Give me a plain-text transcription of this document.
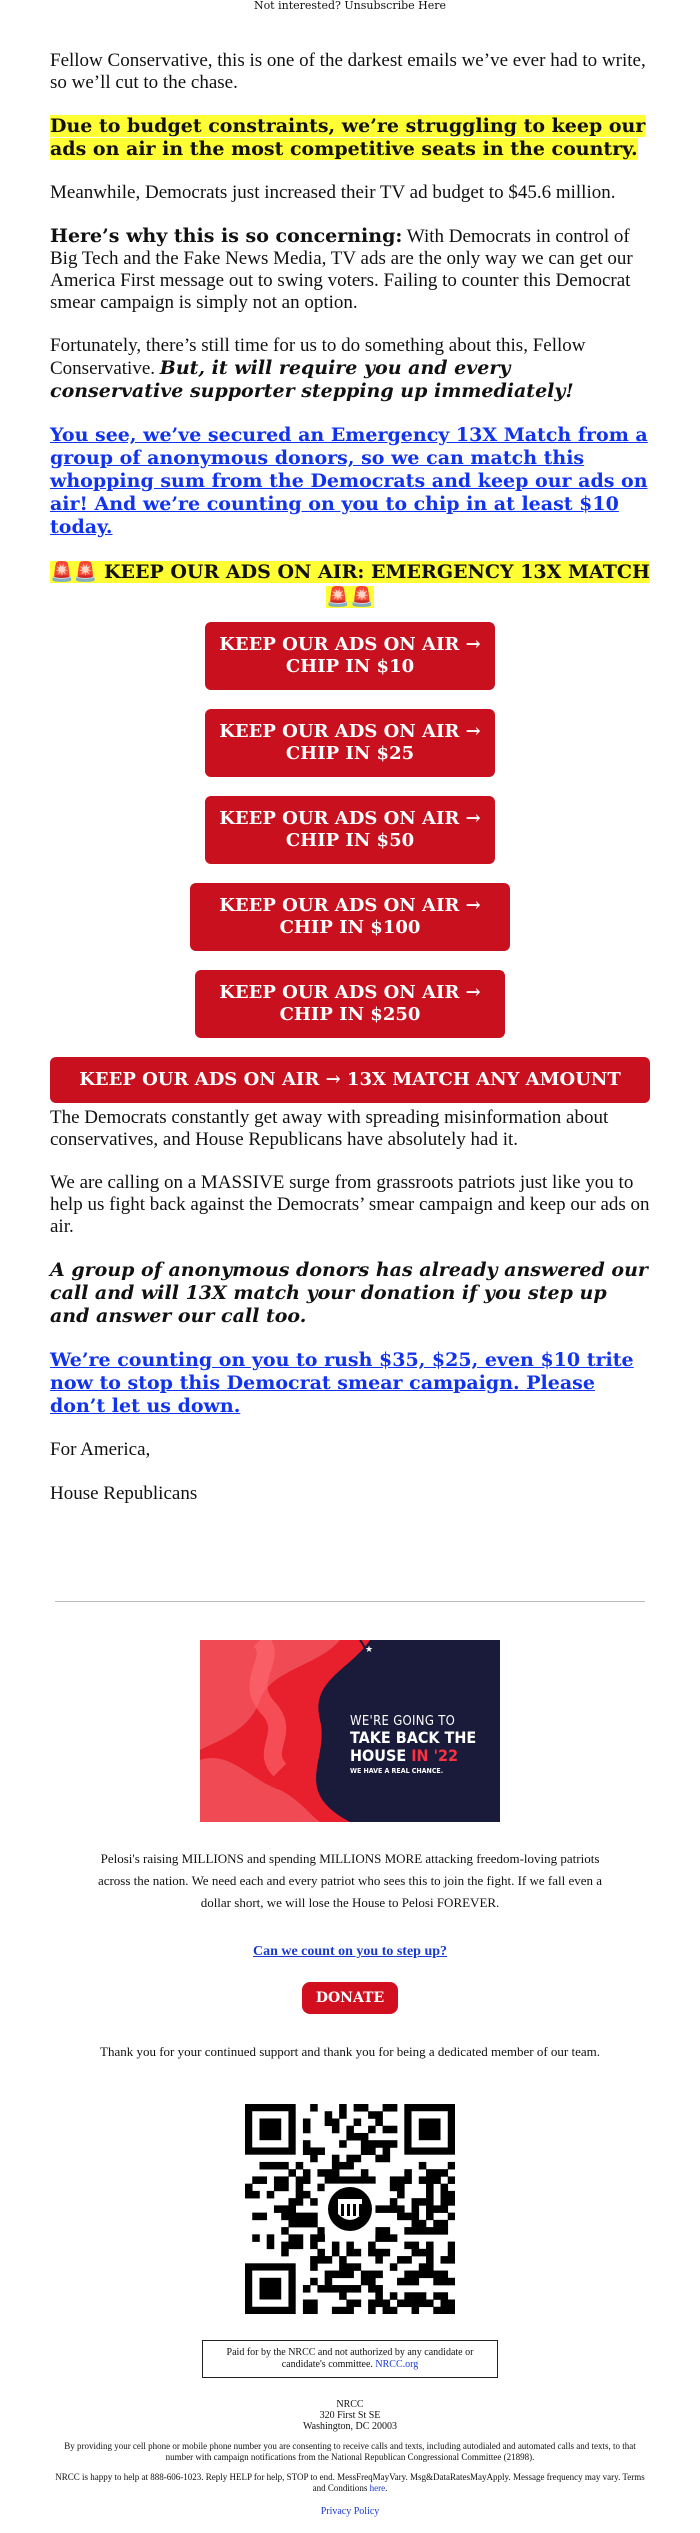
Not interested? Unsubscribe Here

Fellow Conservative, this is one of the darkest emails we’ve ever had to write, so we’ll cut to the chase.

Due to budget constraints, we’re struggling to keep our ads on air in the most competitive seats in the country.

Meanwhile, Democrats just increased their TV ad budget to $45.6 million.

Here’s why this is so concerning: With Democrats in control of Big Tech and the Fake News Media, TV ads are the only way we can get our America First message out to swing voters. Failing to counter this Democrat smear campaign is simply not an option.

Fortunately, there’s still time for us to do something about this, Fellow Conservative. But, it will require you and every conservative supporter stepping up immediately!

You see, we’ve secured an Emergency 13X Match from a group of anonymous donors, so we can match this whopping sum from the Democrats and keep our ads on air! And we’re counting on you to chip in at least $10 today.

🚨🚨 KEEP OUR ADS ON AIR: EMERGENCY 13X MATCH 🚨🚨
KEEP OUR ADS ON AIR → CHIP IN $10
KEEP OUR ADS ON AIR → CHIP IN $25
KEEP OUR ADS ON AIR → CHIP IN $50
KEEP OUR ADS ON AIR → CHIP IN $100
KEEP OUR ADS ON AIR → CHIP IN $250
KEEP OUR ADS ON AIR → 13X MATCH ANY AMOUNT

The Democrats constantly get away with spreading misinformation about conservatives, and House Republicans have absolutely had it.

We are calling on a MASSIVE surge from grassroots patriots just like you to help us fight back against the Democrats’ smear campaign and keep our ads on air.

A group of anonymous donors has already answered our call and will 13X match your donation if you step up and answer our call too.

We’re counting on you to rush $35, $25, even $10 trite now to stop this Democrat smear campaign. Please don’t let us down.

For America,

House Republicans

★
WE'RE GOING TO
TAKE BACK THE
HOUSE IN '22
WE HAVE A REAL CHANCE.
Pelosi's raising MILLIONS and spending MILLIONS MORE attacking freedom-loving patriots across the nation. We need each and every patriot who sees this to join the fight. If we fall even a dollar short, we will lose the House to Pelosi FOREVER.
Can we count on you to step up?
DONATE
Thank you for your continued support and thank you for being a dedicated member of our team.
Paid for by the NRCC and not authorized by any candidate or candidate's committee. NRCC.org
NRCC
320 First St SE
Washington, DC 20003
By providing your cell phone or mobile phone number you are consenting to receive calls and texts, including autodialed and automated calls and texts, to that number with campaign notifications from the National Republican Congressional Committee (21898).
NRCC is happy to help at 888-606-1023. Reply HELP for help, STOP to end. MessFreqMayVary. Msg&DataRatesMayApply. Message frequency may vary. Terms and Conditions here.
Privacy Policy
